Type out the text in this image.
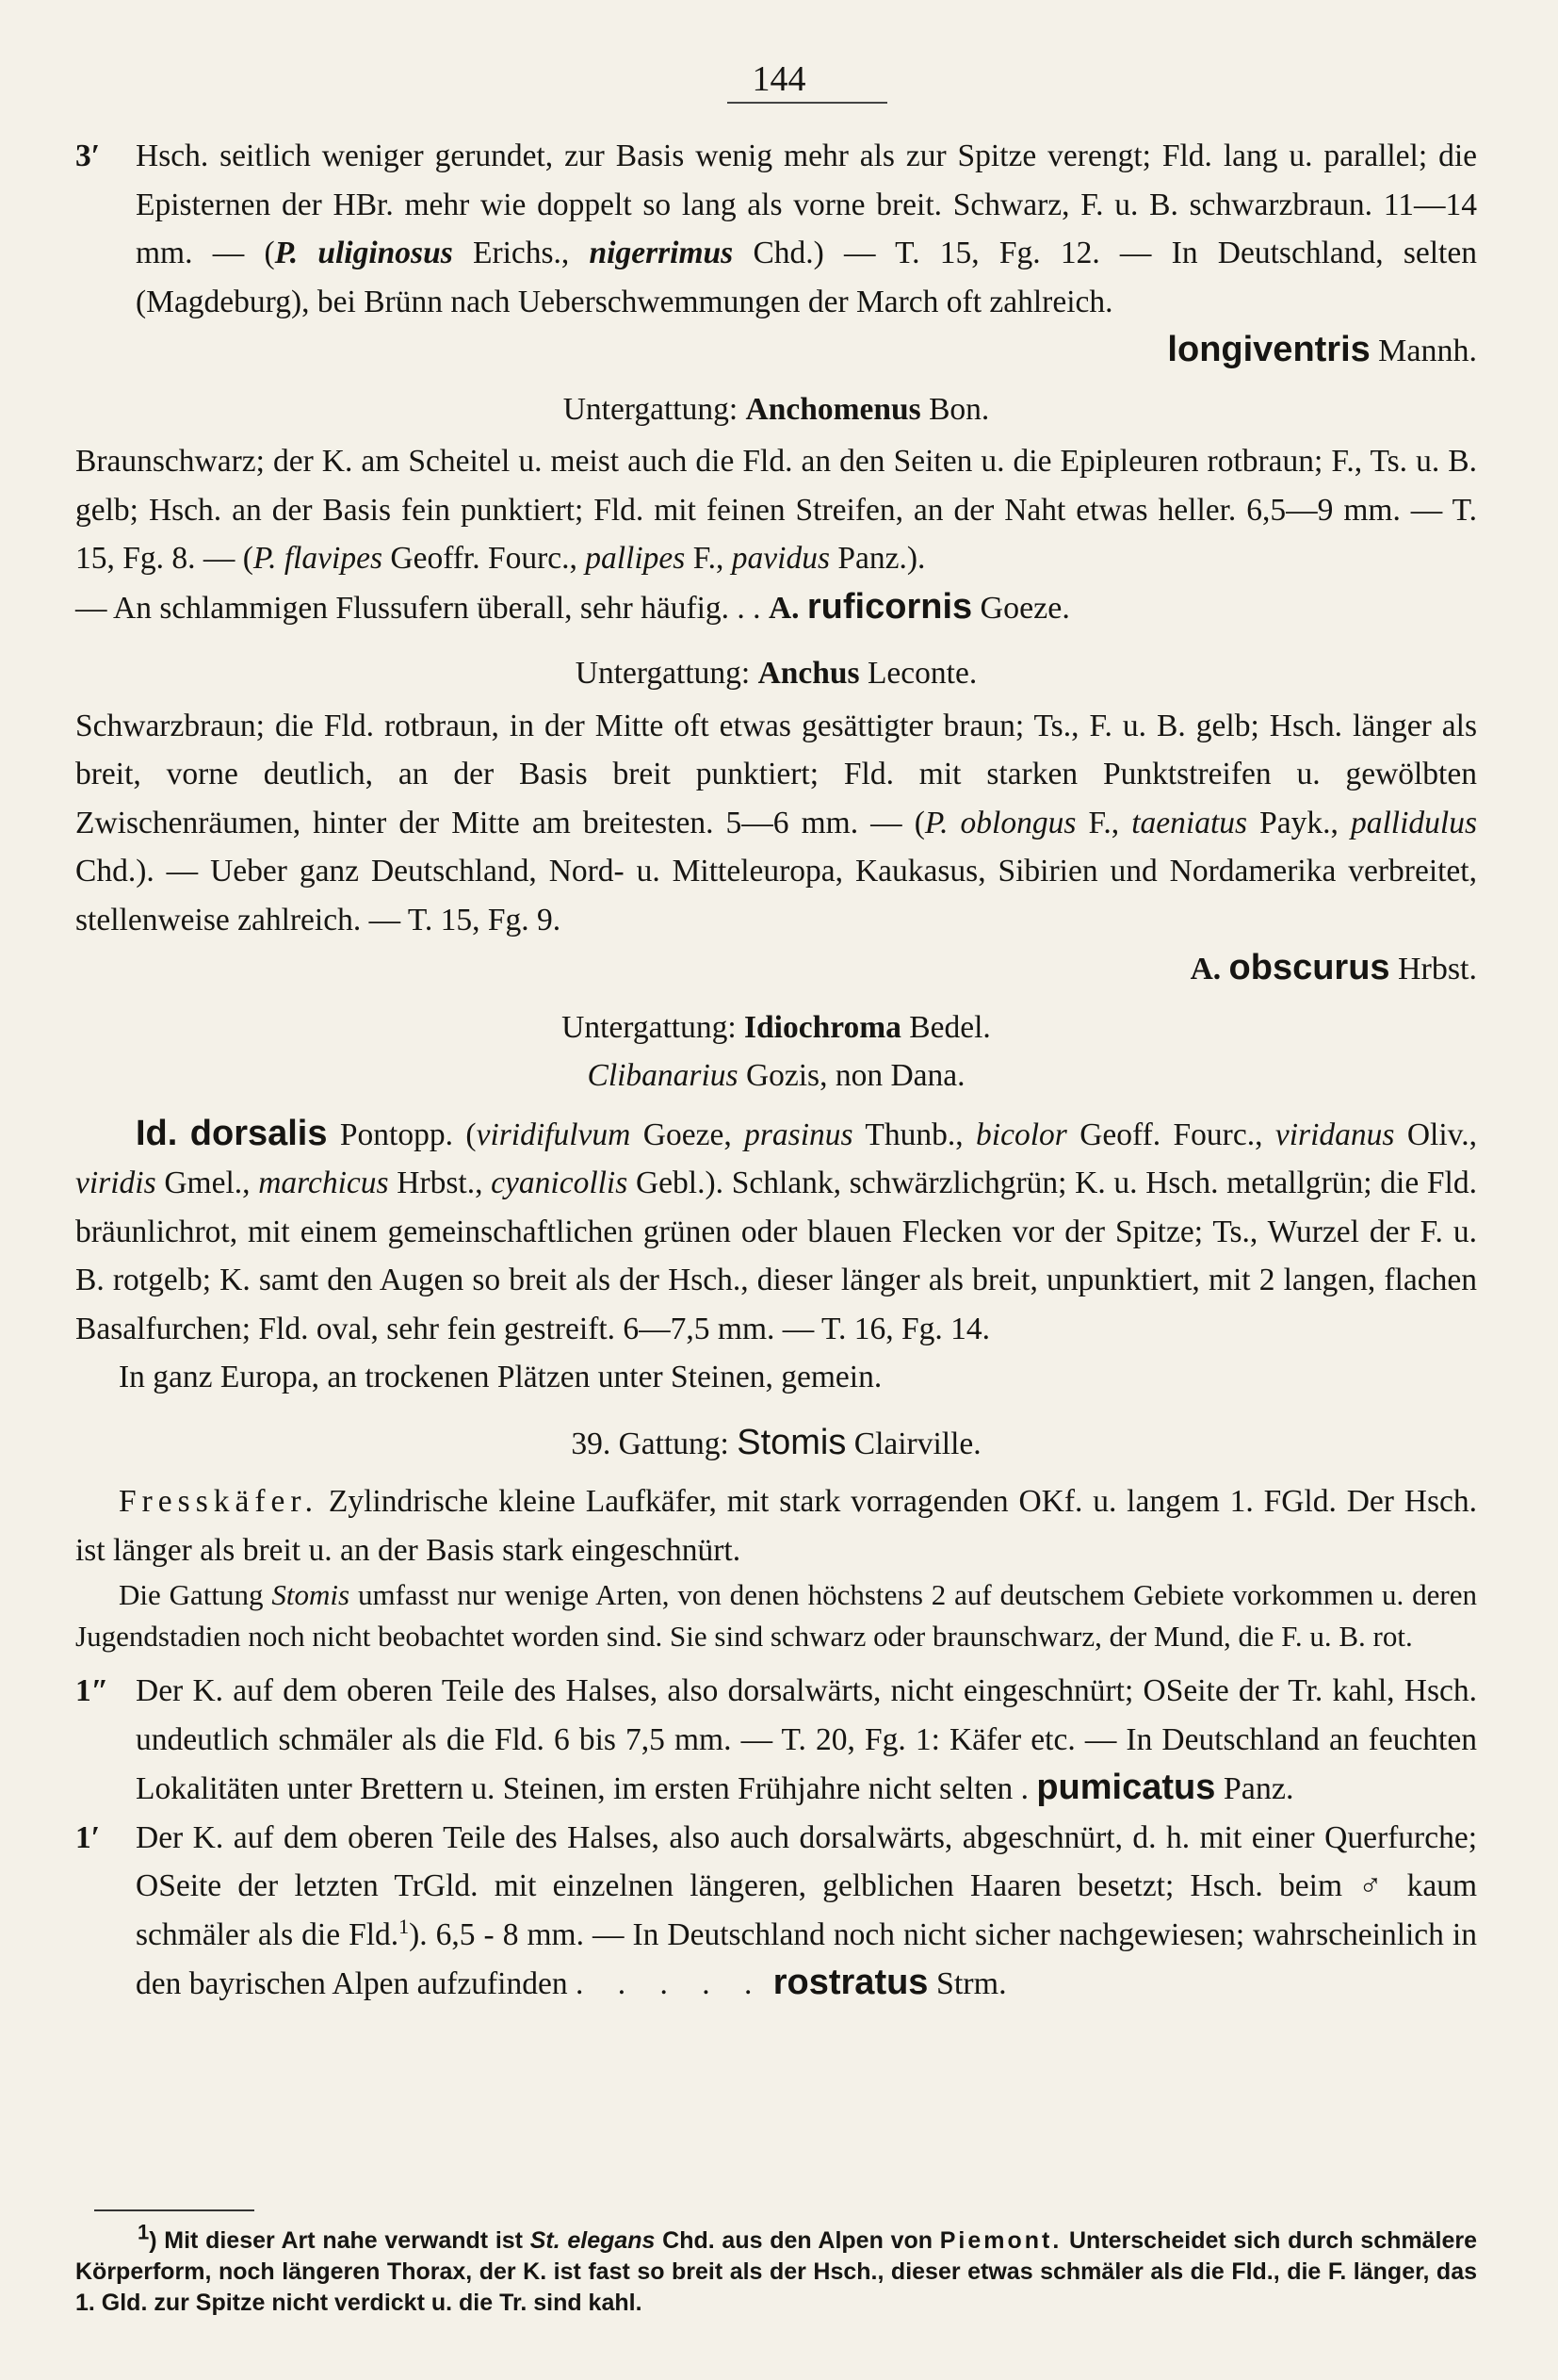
144
3′ Hsch. seitlich weniger gerundet, zur Basis wenig mehr als zur Spitze verengt; Fld. lang u. parallel; die Episternen der HBr. mehr wie doppelt so lang als vorne breit. Schwarz, F. u. B. schwarzbraun. 11—14 mm. — (P. uliginosus Erichs., nigerrimus Chd.) — T. 15, Fg. 12. — In Deutschland, selten (Magdeburg), bei Brünn nach Ueberschwemmungen der March oft zahlreich.

longiventris Mannh.

Untergattung: Anchomenus Bon.

Braunschwarz; der K. am Scheitel u. meist auch die Fld. an den Seiten u. die Epipleuren rotbraun; F., Ts. u. B. gelb; Hsch. an der Basis fein punktiert; Fld. mit feinen Streifen, an der Naht etwas heller. 6,5—9 mm. — T. 15, Fg. 8. — (P. flavipes Geoffr. Fourc., pallipes F., pavidus Panz.).

— An schlammigen Flussufern überall, sehr häufig. . . A. ruficornis Goeze.

Untergattung: Anchus Leconte.

Schwarzbraun; die Fld. rotbraun, in der Mitte oft etwas gesättigter braun; Ts., F. u. B. gelb; Hsch. länger als breit, vorne deutlich, an der Basis breit punktiert; Fld. mit starken Punktstreifen u. gewölbten Zwischenräumen, hinter der Mitte am breitesten. 5—6 mm. — (P. oblongus F., taeniatus Payk., pallidulus Chd.). — Ueber ganz Deutschland, Nord- u. Mitteleuropa, Kaukasus, Sibirien und Nordamerika verbreitet, stellenweise zahlreich. — T. 15, Fg. 9.

A. obscurus Hrbst.

Untergattung: Idiochroma Bedel.

Clibanarius Gozis, non Dana.

Id. dorsalis Pontopp. (viridifulvum Goeze, prasinus Thunb., bicolor Geoff. Fourc., viridanus Oliv., viridis Gmel., marchicus Hrbst., cyanicollis Gebl.). Schlank, schwärzlichgrün; K. u. Hsch. metallgrün; die Fld. bräunlichrot, mit einem gemeinschaftlichen grünen oder blauen Flecken vor der Spitze; Ts., Wurzel der F. u. B. rotgelb; K. samt den Augen so breit als der Hsch., dieser länger als breit, unpunktiert, mit 2 langen, flachen Basalfurchen; Fld. oval, sehr fein gestreift. 6—7,5 mm. — T. 16, Fg. 14.

In ganz Europa, an trockenen Plätzen unter Steinen, gemein.

39. Gattung: Stomis Clairville.

Fresskäfer. Zylindrische kleine Laufkäfer, mit stark vorragenden OKf. u. langem 1. FGld. Der Hsch. ist länger als breit u. an der Basis stark eingeschnürt.

Die Gattung Stomis umfasst nur wenige Arten, von denen höchstens 2 auf deutschem Gebiete vorkommen u. deren Jugendstadien noch nicht beobachtet worden sind. Sie sind schwarz oder braunschwarz, der Mund, die F. u. B. rot.

1″ Der K. auf dem oberen Teile des Halses, also dorsalwärts, nicht eingeschnürt; OSeite der Tr. kahl, Hsch. undeutlich schmäler als die Fld. 6 bis 7,5 mm. — T. 20, Fg. 1: Käfer etc. — In Deutschland an feuchten Lokalitäten unter Brettern u. Steinen, im ersten Frühjahre nicht selten . pumicatus Panz.

1′ Der K. auf dem oberen Teile des Halses, also auch dorsalwärts, abgeschnürt, d. h. mit einer Querfurche; OSeite der letzten TrGld. mit einzelnen längeren, gelblichen Haaren besetzt; Hsch. beim ♂ kaum schmäler als die Fld.$^1$). 6,5 - 8 mm. — In Deutschland noch nicht sicher nachgewiesen; wahrscheinlich in den bayrischen Alpen aufzufinden . . . . . rostratus Strm.

$^1$) Mit dieser Art nahe verwandt ist St. elegans Chd. aus den Alpen von Piemont. Unterscheidet sich durch schmälere Körperform, noch längeren Thorax, der K. ist fast so breit als der Hsch., dieser etwas schmäler als die Fld., die F. länger, das 1. Gld. zur Spitze nicht verdickt u. die Tr. sind kahl.
